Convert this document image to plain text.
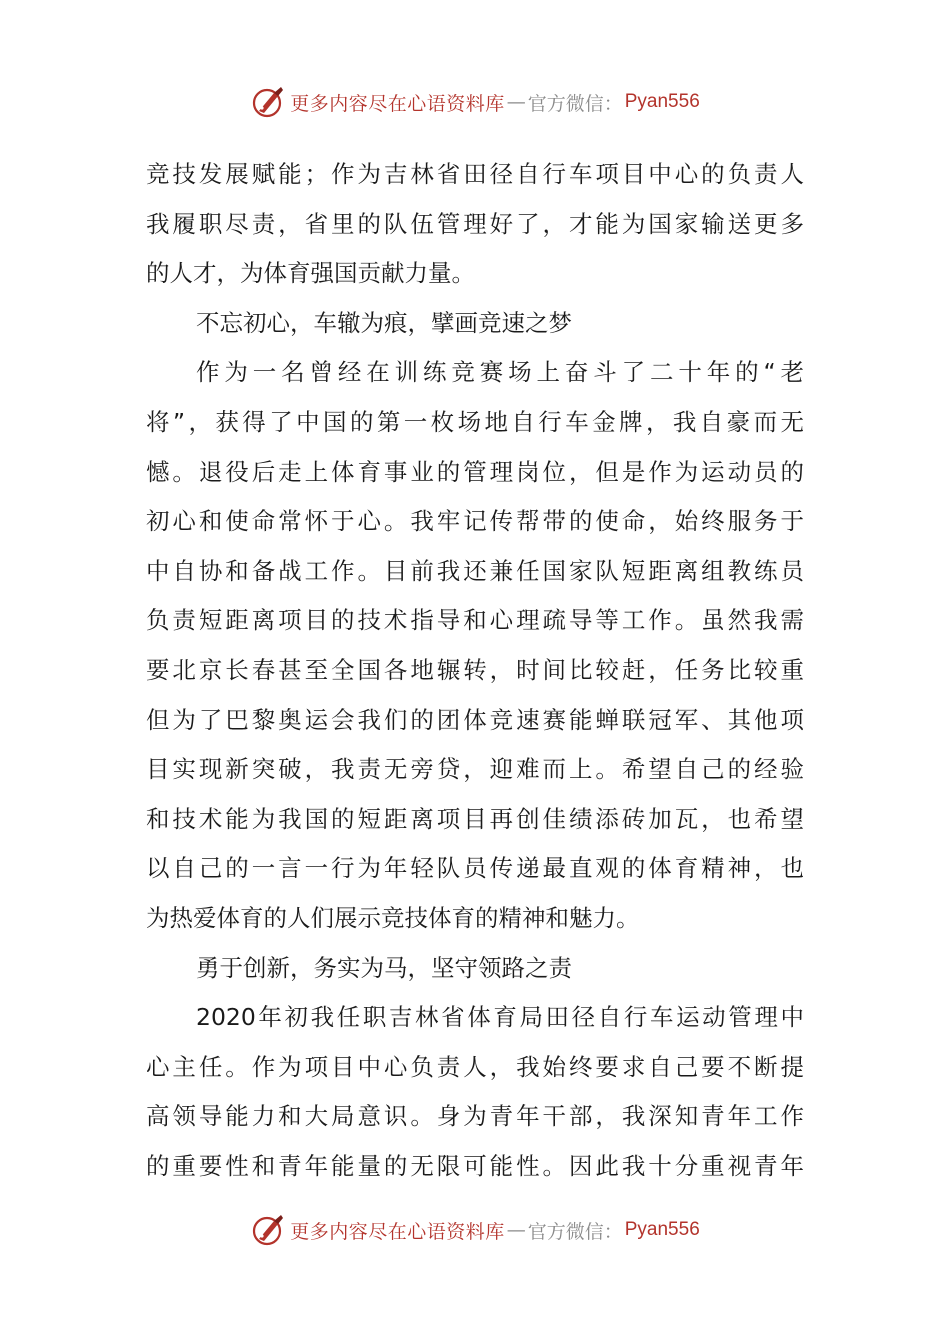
更多内容尽在心语资料库 — 官方微信： Pyan556
竞技发展赋能；作为吉林省田径自行车项目中心的负责人
我履职尽责，省里的队伍管理好了，才能为国家输送更多
的人才，为体育强国贡献力量。
不忘初心，车辙为痕，擘画竞速之梦
作为一名曾经在训练竞赛场上奋斗了二十年的“老
将”，获得了中国的第一枚场地自行车金牌，我自豪而无
憾。退役后走上体育事业的管理岗位，但是作为运动员的
初心和使命常怀于心。我牢记传帮带的使命，始终服务于
中自协和备战工作。目前我还兼任国家队短距离组教练员
负责短距离项目的技术指导和心理疏导等工作。虽然我需
要北京长春甚至全国各地辗转，时间比较赶，任务比较重
但为了巴黎奥运会我们的团体竞速赛能蝉联冠军、其他项
目实现新突破，我责无旁贷，迎难而上。希望自己的经验
和技术能为我国的短距离项目再创佳绩添砖加瓦，也希望
以自己的一言一行为年轻队员传递最直观的体育精神，也
为热爱体育的人们展示竞技体育的精神和魅力。
勇于创新，务实为马，坚守领路之责
2020年初我任职吉林省体育局田径自行车运动管理中
心主任。作为项目中心负责人，我始终要求自己要不断提
高领导能力和大局意识。身为青年干部，我深知青年工作
的重要性和青年能量的无限可能性。因此我十分重视青年
更多内容尽在心语资料库 — 官方微信： Pyan556
